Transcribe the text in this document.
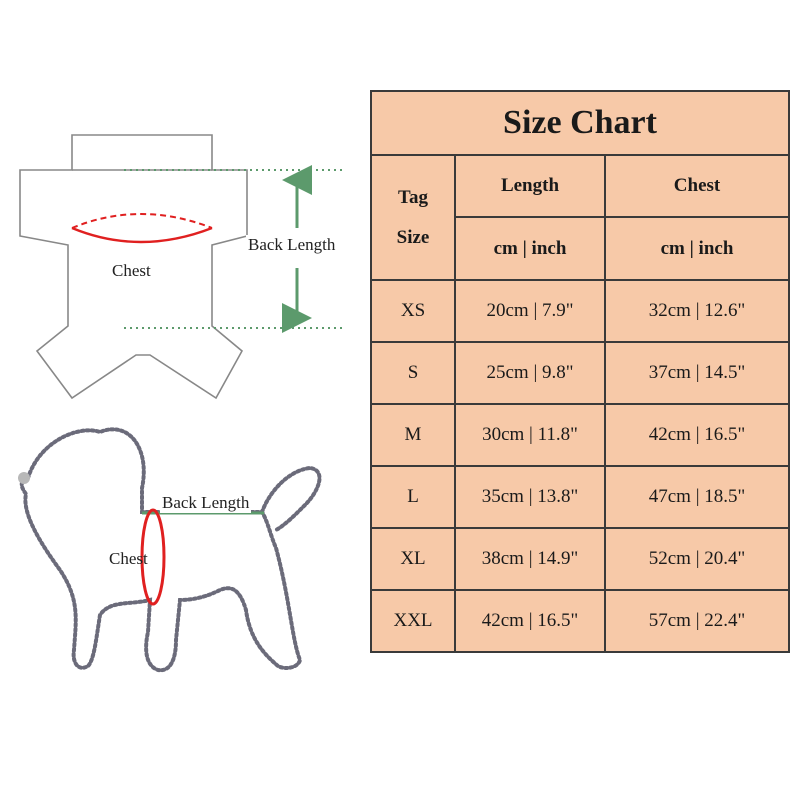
Chest
Back Length
Back Length
Chest
Size Chart		

Tag
Size	Length	Chest
	cm | inch	cm | inch
XS	20cm | 7.9"	32cm | 12.6"
S	25cm | 9.8"	37cm | 14.5"
M	30cm | 11.8"	42cm | 16.5"
L	35cm | 13.8"	47cm | 18.5"
XL	38cm | 14.9"	52cm | 20.4"
XXL	42cm | 16.5"	57cm | 22.4"
